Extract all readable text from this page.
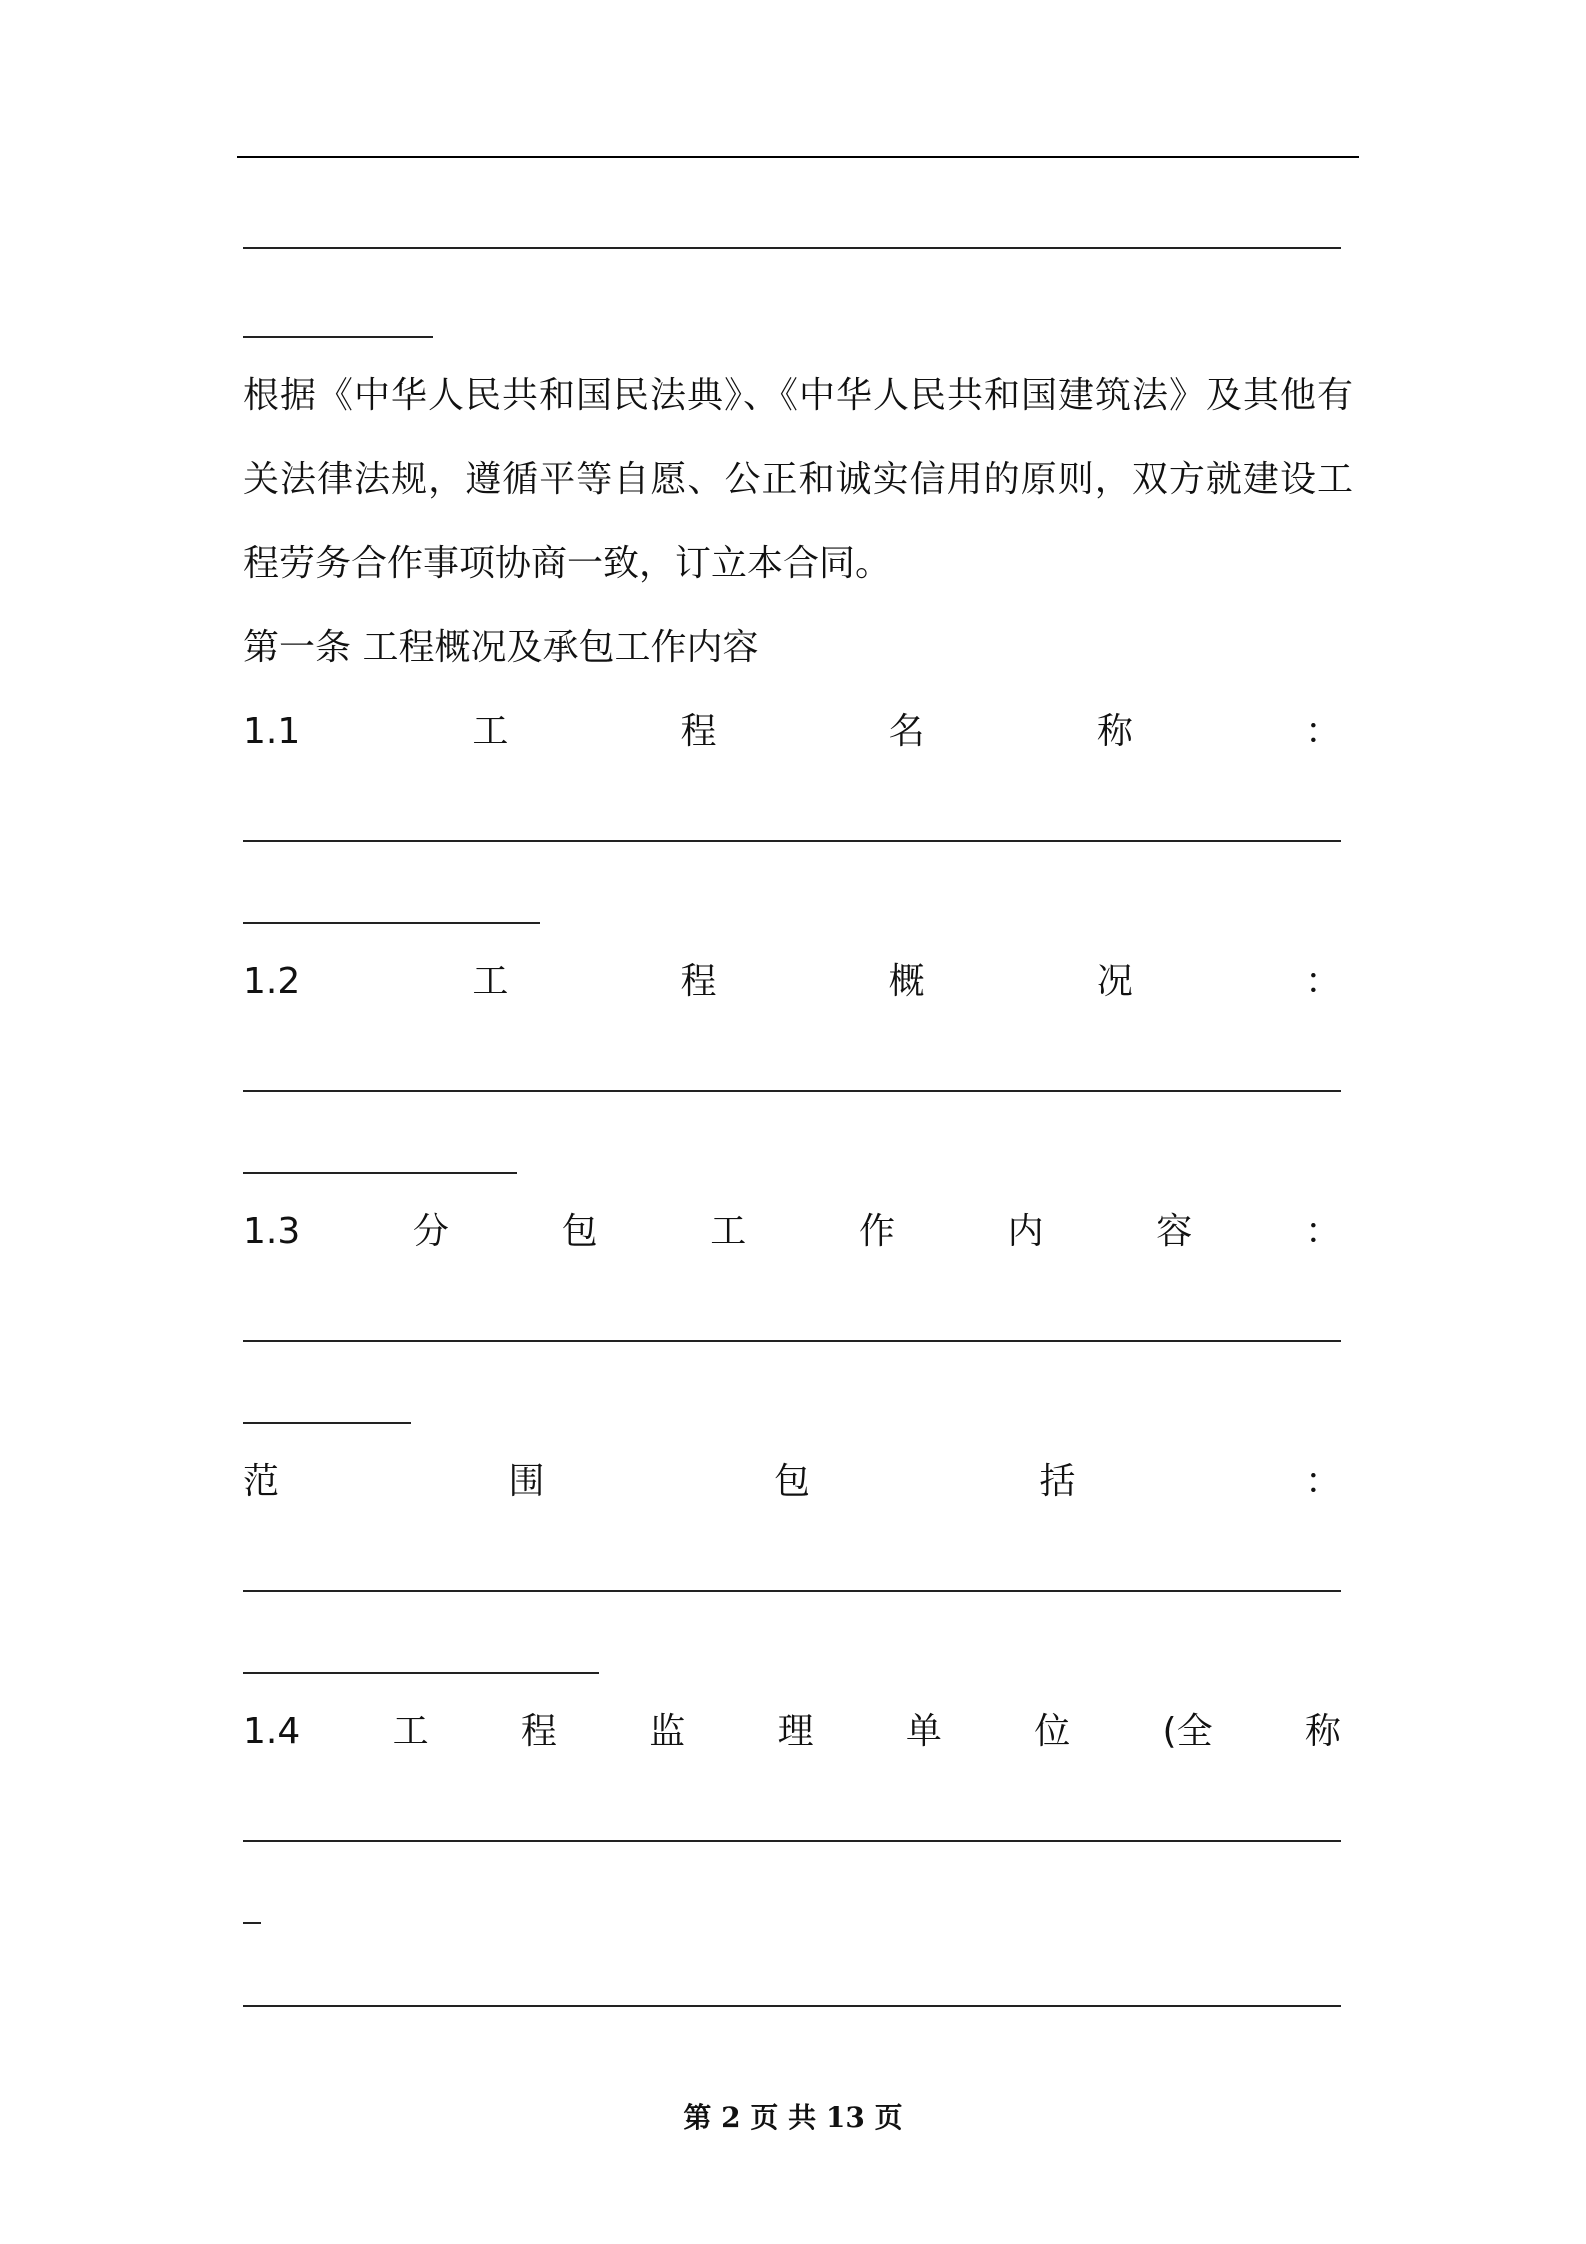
根据《中华人民共和国民法典》、《中华人民共和国建筑法》及其他有关法律法规，遵循平等自愿、公正和诚实信用的原则，双方就建设工程劳务合作事项协商一致，订立本合同。
第一条 工程概况及承包工作内容
1.1	工	程	名	称	：
1.2	工	程	概	况	：
1.3	分	包	工	作	内	容	：
范	围	包	括	：
1.4	工	程	监	理	单	位	(全	称
第 2 页 共 13 页
